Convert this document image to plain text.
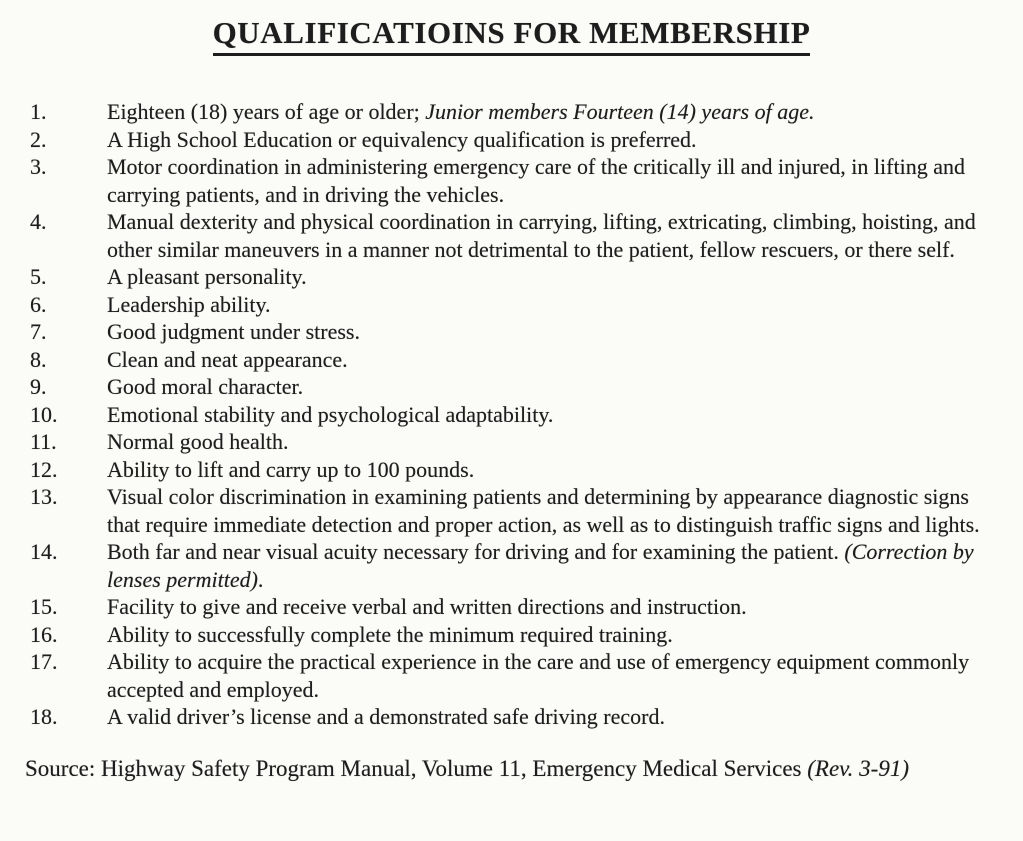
QUALIFICATIOINS FOR MEMBERSHIP
1.	Eighteen (18) years of age or older; Junior members Fourteen (14) years of age.
2.	A High School Education or equivalency qualification is preferred.
3.	Motor coordination in administering emergency care of the critically ill and injured, in lifting and carrying patients, and in driving the vehicles.
4.	Manual dexterity and physical coordination in carrying, lifting, extricating, climbing, hoisting, and other similar maneuvers in a manner not detrimental to the patient, fellow rescuers, or there self.
5.	A pleasant personality.
6.	Leadership ability.
7.	Good judgment under stress.
8.	Clean and neat appearance.
9.	Good moral character.
10.	Emotional stability and psychological adaptability.
11.	Normal good health.
12.	Ability to lift and carry up to 100 pounds.
13.	Visual color discrimination in examining patients and determining by appearance diagnostic signs that require immediate detection and proper action, as well as to distinguish traffic signs and lights.
14.	Both far and near visual acuity necessary for driving and for examining the patient. (Correction by lenses permitted).
15.	Facility to give and receive verbal and written directions and instruction.
16.	Ability to successfully complete the minimum required training.
17.	Ability to acquire the practical experience in the care and use of emergency equipment commonly accepted and employed.
18.	A valid driver’s license and a demonstrated safe driving record.
Source: Highway Safety Program Manual, Volume 11, Emergency Medical Services (Rev. 3-91)
